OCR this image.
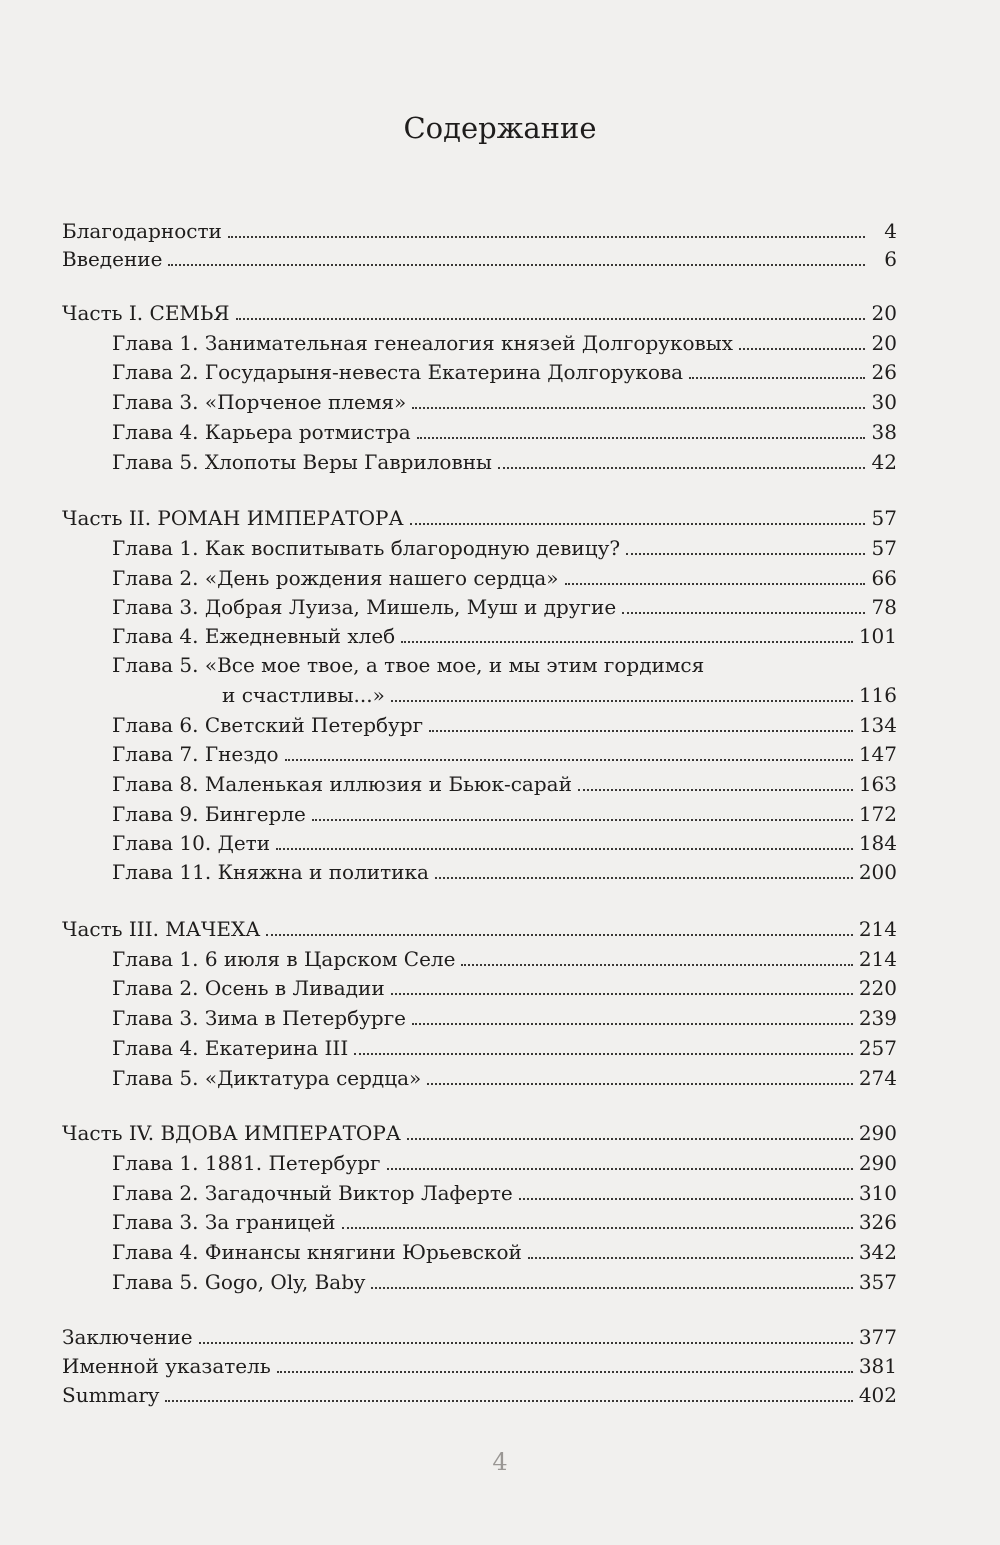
Содержание
Благодарности	4
Введение	6
Часть I. СЕМЬЯ	20
Глава 1. Занимательная генеалогия князей Долгоруковых	20
Глава 2. Государыня-невеста Екатерина Долгорукова	26
Глава 3. «Порченое племя»	30
Глава 4. Карьера ротмистра	38
Глава 5. Хлопоты Веры Гавриловны	42
Часть II. РОМАН ИМПЕРАТОРА	57
Глава 1. Как воспитывать благородную девицу?	57
Глава 2. «День рождения нашего сердца»	66
Глава 3. Добрая Луиза, Мишель, Муш и другие	78
Глава 4. Ежедневный хлеб	101
Глава 5. «Все мое твое, а твое мое, и мы этим гордимся
и счастливы...»	116
Глава 6. Светский Петербург	134
Глава 7. Гнездо	147
Глава 8. Маленькая иллюзия и Бьюк-сарай	163
Глава 9. Бингерле	172
Глава 10. Дети	184
Глава 11. Княжна и политика	200
Часть III. МАЧЕХА	214
Глава 1. 6 июля в Царском Селе	214
Глава 2. Осень в Ливадии	220
Глава 3. Зима в Петербурге	239
Глава 4. Екатерина III	257
Глава 5. «Диктатура сердца»	274
Часть IV. ВДОВА ИМПЕРАТОРА	290
Глава 1. 1881. Петербург	290
Глава 2. Загадочный Виктор Лаферте	310
Глава 3. За границей	326
Глава 4. Финансы княгини Юрьевской	342
Глава 5. Gogo, Oly, Baby	357
Заключение	377
Именной указатель	381
Summary	402
4
